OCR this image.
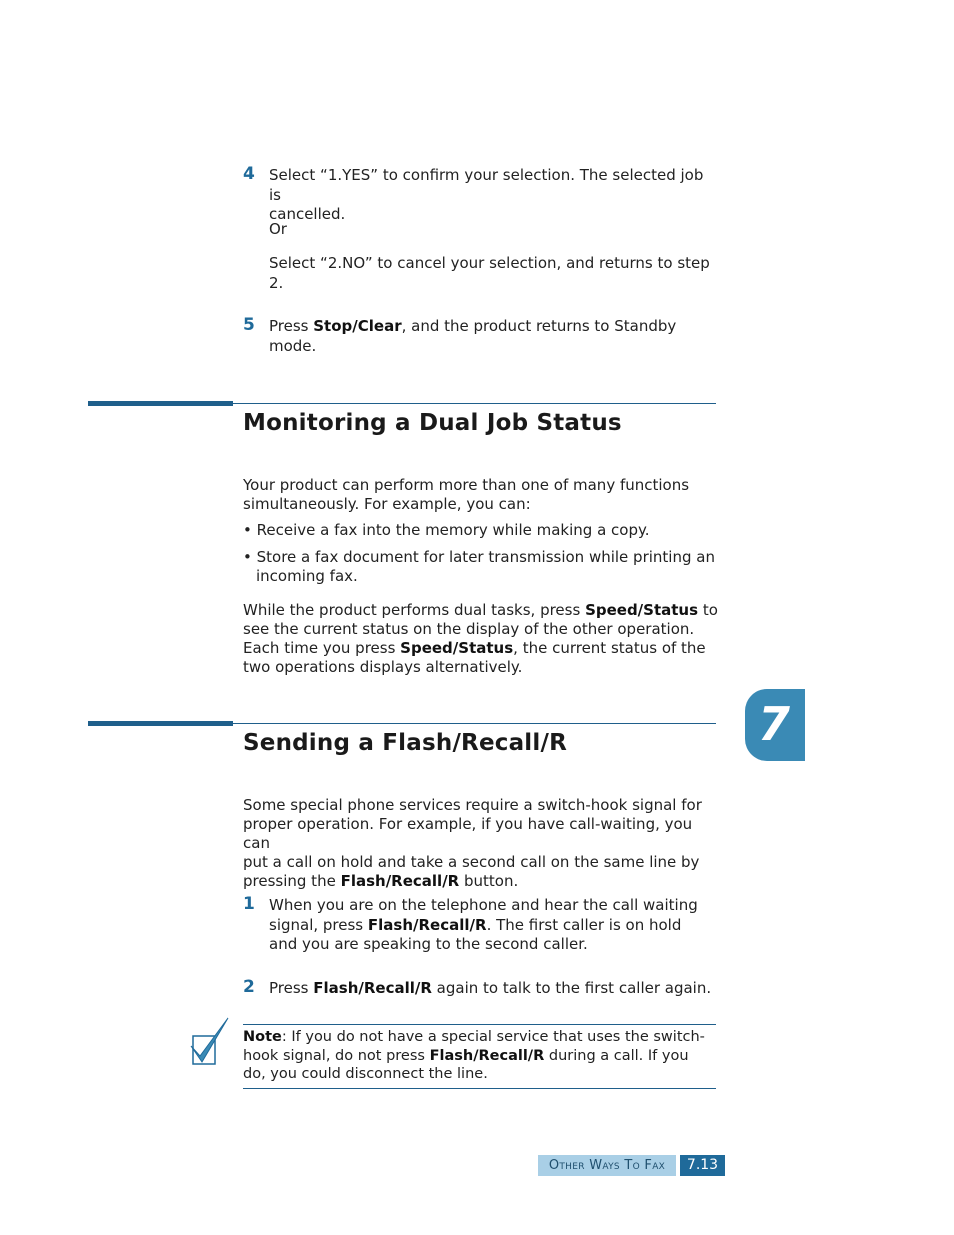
4 Select “1.YES” to confirm your selection. The selected job is
cancelled.
Or
Select “2.NO” to cancel your selection, and returns to step
2.
5 Press Stop/Clear, and the product returns to Standby
mode.
Monitoring a Dual Job Status
Your product can perform more than one of many functions
simultaneously. For example, you can:
• Receive a fax into the memory while making a copy.
• Store a fax document for later transmission while printing an
incoming fax.
While the product performs dual tasks, press Speed/Status to
see the current status on the display of the other operation.
Each time you press Speed/Status, the current status of the
two operations displays alternatively.
Sending a Flash/Recall/R
Some special phone services require a switch-hook signal for
proper operation. For example, if you have call-waiting, you can
put a call on hold and take a second call on the same line by
pressing the Flash/Recall/R button.
1 When you are on the telephone and hear the call waiting
signal, press Flash/Recall/R. The first caller is on hold
and you are speaking to the second caller.
2 Press Flash/Recall/R again to talk to the first caller again.
Note: If you do not have a special service that uses the switch-
hook signal, do not press Flash/Recall/R during a call. If you
do, you could disconnect the line.
7
Other Ways To Fax	7.13
